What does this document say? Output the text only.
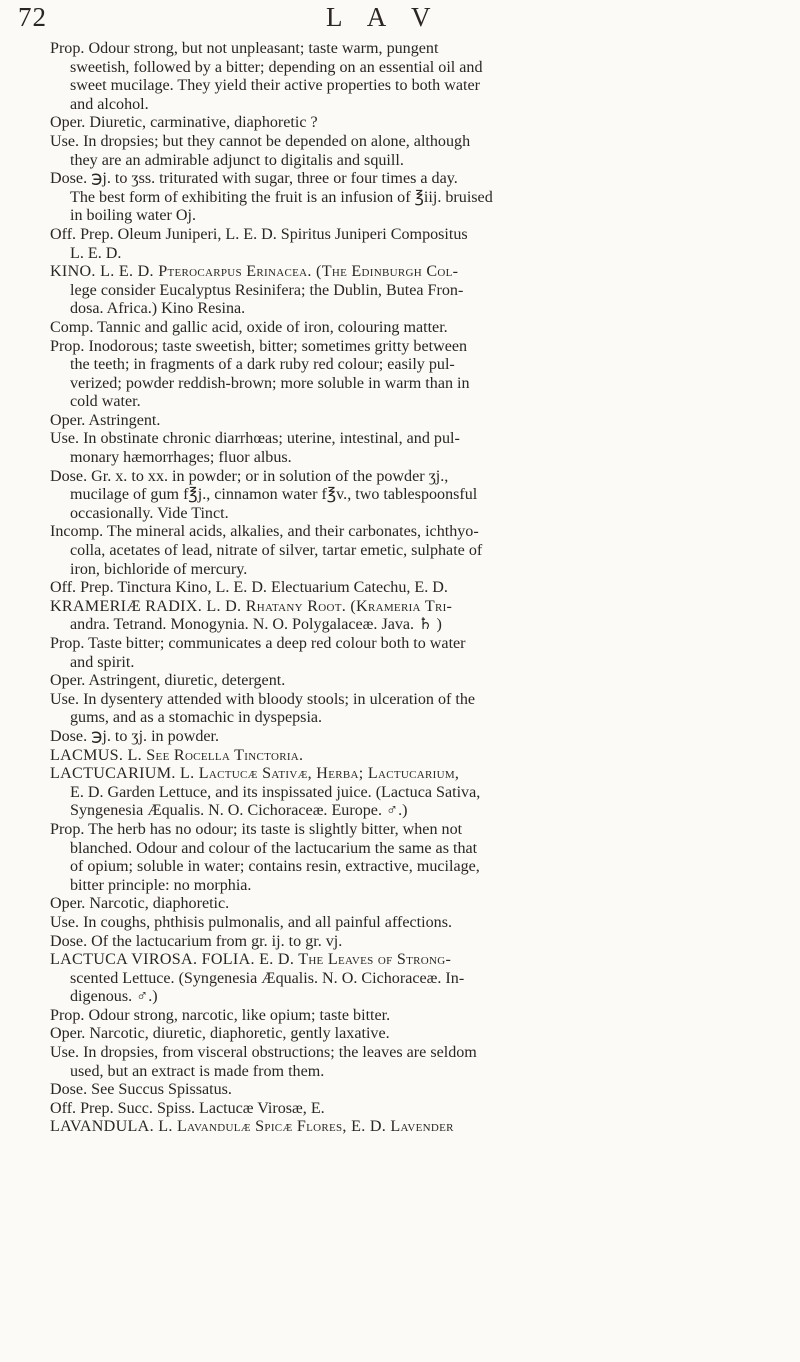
72	L A V
Prop. Odour strong, but not unpleasant; taste warm, pungent
sweetish, followed by a bitter; depending on an essential oil and
sweet mucilage. They yield their active properties to both water
and alcohol.
Oper. Diuretic, carminative, diaphoretic ?
Use. In dropsies; but they cannot be depended on alone, although
they are an admirable adjunct to digitalis and squill.
Dose. ℈j. to ʒss. triturated with sugar, three or four times a day.
The best form of exhibiting the fruit is an infusion of ℥iij. bruised
in boiling water Oj.
Off. Prep. Oleum Juniperi, L. E. D. Spiritus Juniperi Compositus
L. E. D.
KINO. L. E. D. Pterocarpus Erinacea. (The Edinburgh Col-
lege consider Eucalyptus Resinifera; the Dublin, Butea Fron-
dosa. Africa.) Kino Resina.
Comp. Tannic and gallic acid, oxide of iron, colouring matter.
Prop. Inodorous; taste sweetish, bitter; sometimes gritty between
the teeth; in fragments of a dark ruby red colour; easily pul-
verized; powder reddish-brown; more soluble in warm than in
cold water.
Oper. Astringent.
Use. In obstinate chronic diarrhœas; uterine, intestinal, and pul-
monary hæmorrhages; fluor albus.
Dose. Gr. x. to xx. in powder; or in solution of the powder ʒj.,
mucilage of gum f℥j., cinnamon water f℥v., two tablespoonsful
occasionally. Vide Tinct.
Incomp. The mineral acids, alkalies, and their carbonates, ichthyo-
colla, acetates of lead, nitrate of silver, tartar emetic, sulphate of
iron, bichloride of mercury.
Off. Prep. Tinctura Kino, L. E. D. Electuarium Catechu, E. D.
KRAMERIÆ RADIX. L. D. Rhatany Root. (Krameria Tri-
andra. Tetrand. Monogynia. N. O. Polygalaceæ. Java. ♄ )
Prop. Taste bitter; communicates a deep red colour both to water
and spirit.
Oper. Astringent, diuretic, detergent.
Use. In dysentery attended with bloody stools; in ulceration of the
gums, and as a stomachic in dyspepsia.
Dose. ℈j. to ʒj. in powder.
LACMUS. L. See Rocella Tinctoria.
LACTUCARIUM. L. Lactucæ Sativæ, Herba; Lactucarium,
E. D. Garden Lettuce, and its inspissated juice. (Lactuca Sativa,
Syngenesia Æqualis. N. O. Cichoraceæ. Europe. ♂.)
Prop. The herb has no odour; its taste is slightly bitter, when not
blanched. Odour and colour of the lactucarium the same as that
of opium; soluble in water; contains resin, extractive, mucilage,
bitter principle: no morphia.
Oper. Narcotic, diaphoretic.
Use. In coughs, phthisis pulmonalis, and all painful affections.
Dose. Of the lactucarium from gr. ij. to gr. vj.
LACTUCA VIROSA. FOLIA. E. D. The Leaves of Strong-
scented Lettuce. (Syngenesia Æqualis. N. O. Cichoraceæ. In-
digenous. ♂.)
Prop. Odour strong, narcotic, like opium; taste bitter.
Oper. Narcotic, diuretic, diaphoretic, gently laxative.
Use. In dropsies, from visceral obstructions; the leaves are seldom
used, but an extract is made from them.
Dose. See Succus Spissatus.
Off. Prep. Succ. Spiss. Lactucæ Virosæ, E.
LAVANDULA. L. Lavandulæ Spicæ Flores, E. D. Lavender
